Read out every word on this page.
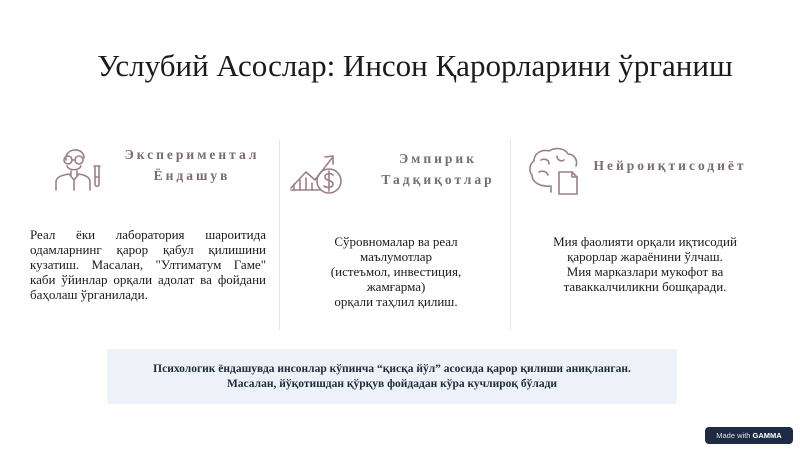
Услубий Асослар: Инсон Қарорларини ўрганиш
Экспериментал
Ёндашув
Реал ёки лаборатория шароитида одамларнинг қарор қабул қилишини кузатиш. Масалан, "Ултиматум Гаме" каби ўйинлар орқали адолат ва фойдани баҳолаш ўрганилади.
Эмпирик
Тадқиқотлар
Сўровномалар ва реал
маълумотлар
(истеъмол, инвестиция,
жамғарма)
орқали таҳлил қилиш.
Нейроиқтисодиёт
Мия фаолияти орқали иқтисодий
қарорлар жараёнини ўлчаш.
Мия марказлари мукофот ва
таваккалчиликни бошқаради.
Психологик ёндашувда инсонлар кўпинча “қисқа йўл” асосида қарор қилиши аниқланган.
Масалан, йўқотишдан қўрқув фойдадан кўра кучлироқ бўлади
Made with GAMMA
